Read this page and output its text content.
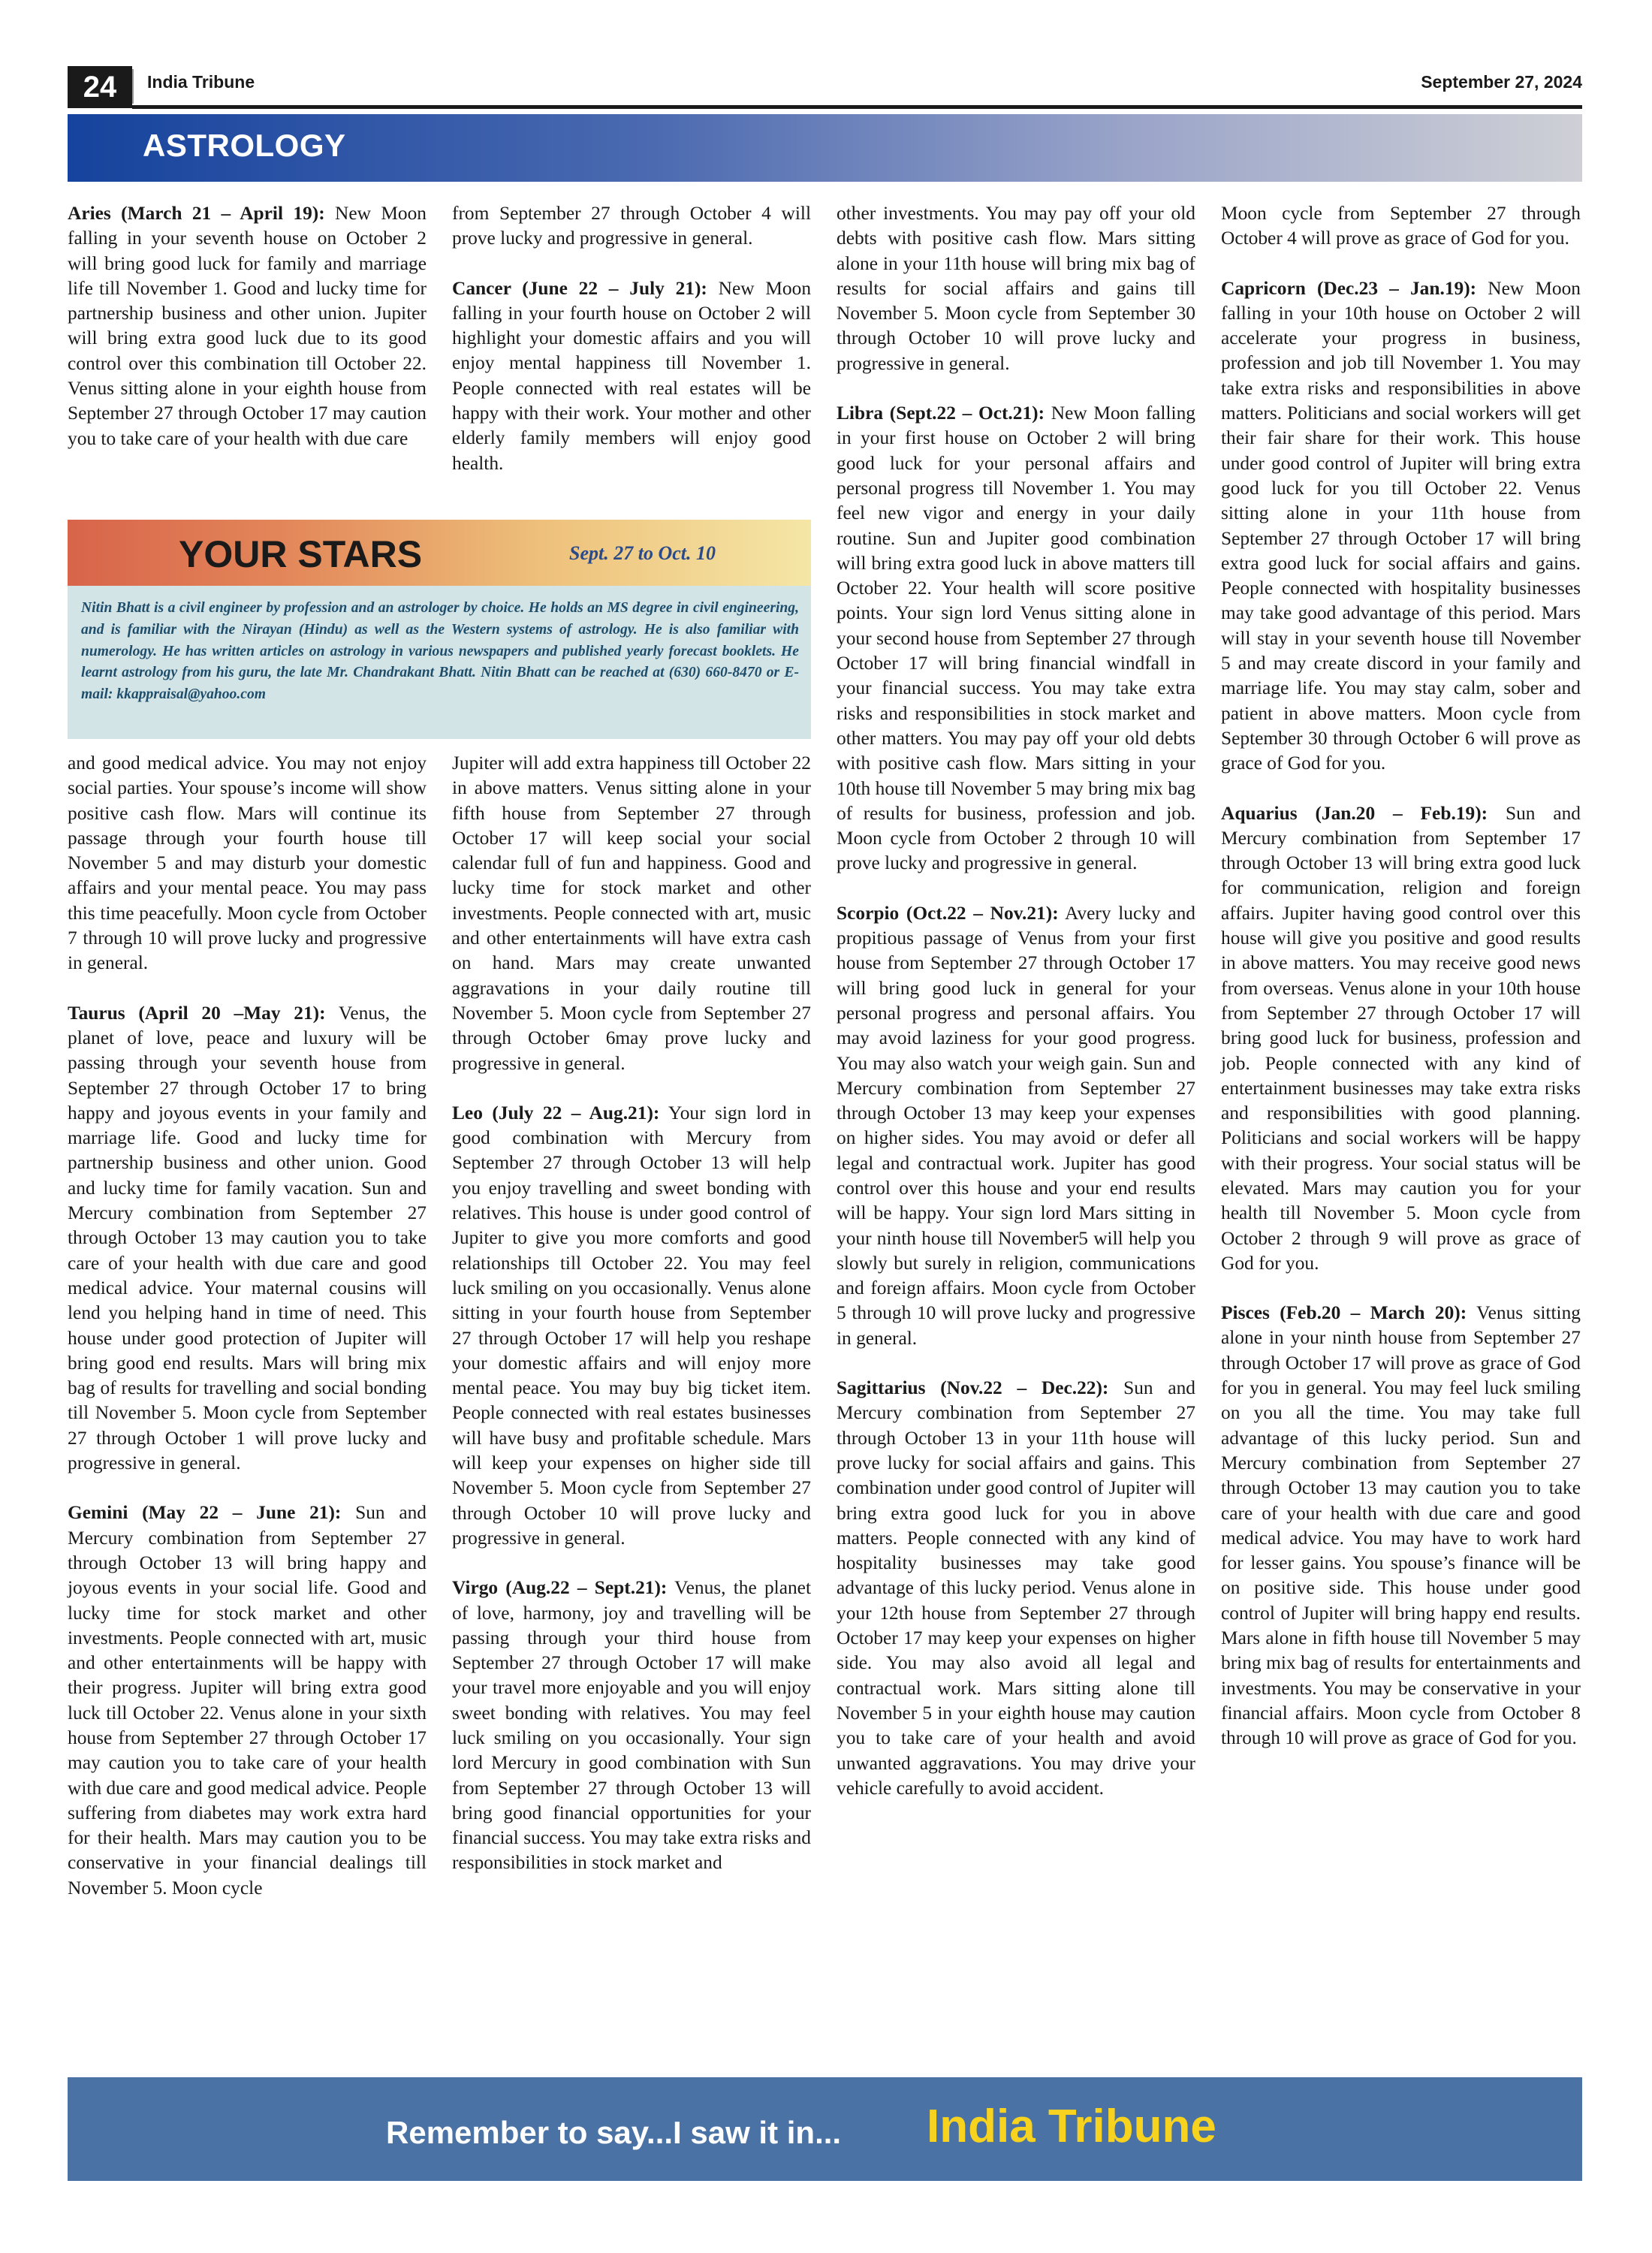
24	India Tribune	September 27, 2024
ASTROLOGY

Aries (March 21 – April 19): New Moon falling in your seventh house on October 2 will bring good luck for family and marriage life till November 1. Good and lucky time for partnership business and other union. Jupiter will bring extra good luck due to its good control over this combination till October 22. Venus sitting alone in your eighth house from September 27 through October 17 may caution you to take care of your health with due care

from September 27 through October 4 will prove lucky and progressive in general.

Cancer (June 22 – July 21): New Moon falling in your fourth house on October 2 will highlight your domestic affairs and you will enjoy mental happiness till November 1. People connected with real estates will be happy with their work. Your mother and other elderly family members will enjoy good health.

YOUR STARS	Sept. 27 to Oct. 10
Nitin Bhatt is a civil engineer by profession and an astrologer by choice. He holds an MS degree in civil engineering, and is familiar with the Nirayan (Hindu) as well as the Western systems of astrology. He is also familiar with numerology. He has written articles on astrology in various newspapers and published yearly forecast booklets. He learnt astrology from his guru, the late Mr. Chandrakant Bhatt. Nitin Bhatt can be reached at (630) 660-8470 or E-mail: kkappraisal@yahoo.com

and good medical advice. You may not enjoy social parties. Your spouse’s income will show positive cash flow. Mars will continue its passage through your fourth house till November 5 and may disturb your domestic affairs and your mental peace. You may pass this time peacefully. Moon cycle from October 7 through 10 will prove lucky and progressive in general.

Taurus (April 20 –May 21): Venus, the planet of love, peace and luxury will be passing through your seventh house from September 27 through October 17 to bring happy and joyous events in your family and marriage life. Good and lucky time for partnership business and other union. Good and lucky time for family vacation. Sun and Mercury combination from September 27 through October 13 may caution you to take care of your health with due care and good medical advice. Your maternal cousins will lend you helping hand in time of need. This house under good protection of Jupiter will bring good end results. Mars will bring mix bag of results for travelling and social bonding till November 5. Moon cycle from September 27 through October 1 will prove lucky and progressive in general.

Gemini (May 22 – June 21): Sun and Mercury combination from September 27 through October 13 will bring happy and joyous events in your social life. Good and lucky time for stock market and other investments. People connected with art, music and other entertainments will be happy with their progress. Jupiter will bring extra good luck till October 22. Venus alone in your sixth house from September 27 through October 17 may caution you to take care of your health with due care and good medical advice. People suffering from diabetes may work extra hard for their health. Mars may caution you to be conservative in your financial dealings till November 5. Moon cycle

Jupiter will add extra happiness till October 22 in above matters. Venus sitting alone in your fifth house from September 27 through October 17 will keep social your social calendar full of fun and happiness. Good and lucky time for stock market and other investments. People connected with art, music and other entertainments will have extra cash on hand. Mars may create unwanted aggravations in your daily routine till November 5. Moon cycle from September 27 through October 6may prove lucky and progressive in general.

Leo (July 22 – Aug.21): Your sign lord in good combination with Mercury from September 27 through October 13 will help you enjoy travelling and sweet bonding with relatives. This house is under good control of Jupiter to give you more comforts and good relationships till October 22. You may feel luck smiling on you occasionally. Venus alone sitting in your fourth house from September 27 through October 17 will help you reshape your domestic affairs and will enjoy more mental peace. You may buy big ticket item. People connected with real estates businesses will have busy and profitable schedule. Mars will keep your expenses on higher side till November 5. Moon cycle from September 27 through October 10 will prove lucky and progressive in general.

Virgo (Aug.22 – Sept.21): Venus, the planet of love, harmony, joy and travelling will be passing through your third house from September 27 through October 17 will make your travel more enjoyable and you will enjoy sweet bonding with relatives. You may feel luck smiling on you occasionally. Your sign lord Mercury in good combination with Sun from September 27 through October 13 will bring good financial opportunities for your financial success. You may take extra risks and responsibilities in stock market and

other investments. You may pay off your old debts with positive cash flow. Mars sitting alone in your 11th house will bring mix bag of results for social affairs and gains till November 5. Moon cycle from September 30 through October 10 will prove lucky and progressive in general.

Libra (Sept.22 – Oct.21): New Moon falling in your first house on October 2 will bring good luck for your personal affairs and personal progress till November 1. You may feel new vigor and energy in your daily routine. Sun and Jupiter good combination will bring extra good luck in above matters till October 22. Your health will score positive points. Your sign lord Venus sitting alone in your second house from September 27 through October 17 will bring financial windfall in your financial success. You may take extra risks and responsibilities in stock market and other matters. You may pay off your old debts with positive cash flow. Mars sitting in your 10th house till November 5 may bring mix bag of results for business, profession and job. Moon cycle from October 2 through 10 will prove lucky and progressive in general.

Scorpio (Oct.22 – Nov.21): Avery lucky and propitious passage of Venus from your first house from September 27 through October 17 will bring good luck in general for your personal progress and personal affairs. You may avoid laziness for your good progress. You may also watch your weigh gain. Sun and Mercury combination from September 27 through October 13 may keep your expenses on higher sides. You may avoid or defer all legal and contractual work. Jupiter has good control over this house and your end results will be happy. Your sign lord Mars sitting in your ninth house till November5 will help you slowly but surely in religion, communications and foreign affairs. Moon cycle from October 5 through 10 will prove lucky and progressive in general.

Sagittarius (Nov.22 – Dec.22): Sun and Mercury combination from September 27 through October 13 in your 11th house will prove lucky for social affairs and gains. This combination under good control of Jupiter will bring extra good luck for you in above matters. People connected with any kind of hospitality businesses may take good advantage of this lucky period. Venus alone in your 12th house from September 27 through October 17 may keep your expenses on higher side. You may also avoid all legal and contractual work. Mars sitting alone till November 5 in your eighth house may caution you to take care of your health and avoid unwanted aggravations. You may drive your vehicle carefully to avoid accident.

Moon cycle from September 27 through October 4 will prove as grace of God for you.

Capricorn (Dec.23 – Jan.19): New Moon falling in your 10th house on October 2 will accelerate your progress in business, profession and job till November 1. You may take extra risks and responsibilities in above matters. Politicians and social workers will get their fair share for their work. This house under good control of Jupiter will bring extra good luck for you till October 22. Venus sitting alone in your 11th house from September 27 through October 17 will bring extra good luck for social affairs and gains. People connected with hospitality businesses may take good advantage of this period. Mars will stay in your seventh house till November 5 and may create discord in your family and marriage life. You may stay calm, sober and patient in above matters. Moon cycle from September 30 through October 6 will prove as grace of God for you.

Aquarius (Jan.20 – Feb.19): Sun and Mercury combination from September 17 through October 13 will bring extra good luck for communication, religion and foreign affairs. Jupiter having good control over this house will give you positive and good results in above matters. You may receive good news from overseas. Venus alone in your 10th house from September 27 through October 17 will bring good luck for business, profession and job. People connected with any kind of entertainment businesses may take extra risks and responsibilities with good planning. Politicians and social workers will be happy with their progress. Your social status will be elevated. Mars may caution you for your health till November 5. Moon cycle from October 2 through 9 will prove as grace of God for you.

Pisces (Feb.20 – March 20): Venus sitting alone in your ninth house from September 27 through October 17 will prove as grace of God for you in general. You may feel luck smiling on you all the time. You may take full advantage of this lucky period. Sun and Mercury combination from September 27 through October 13 may caution you to take care of your health with due care and good medical advice. You may have to work hard for lesser gains. You spouse’s finance will be on positive side. This house under good control of Jupiter will bring happy end results. Mars alone in fifth house till November 5 may bring mix bag of results for entertainments and investments. You may be conservative in your financial affairs. Moon cycle from October 8 through 10 will prove as grace of God for you.

Remember to say...I saw it in... India Tribune
